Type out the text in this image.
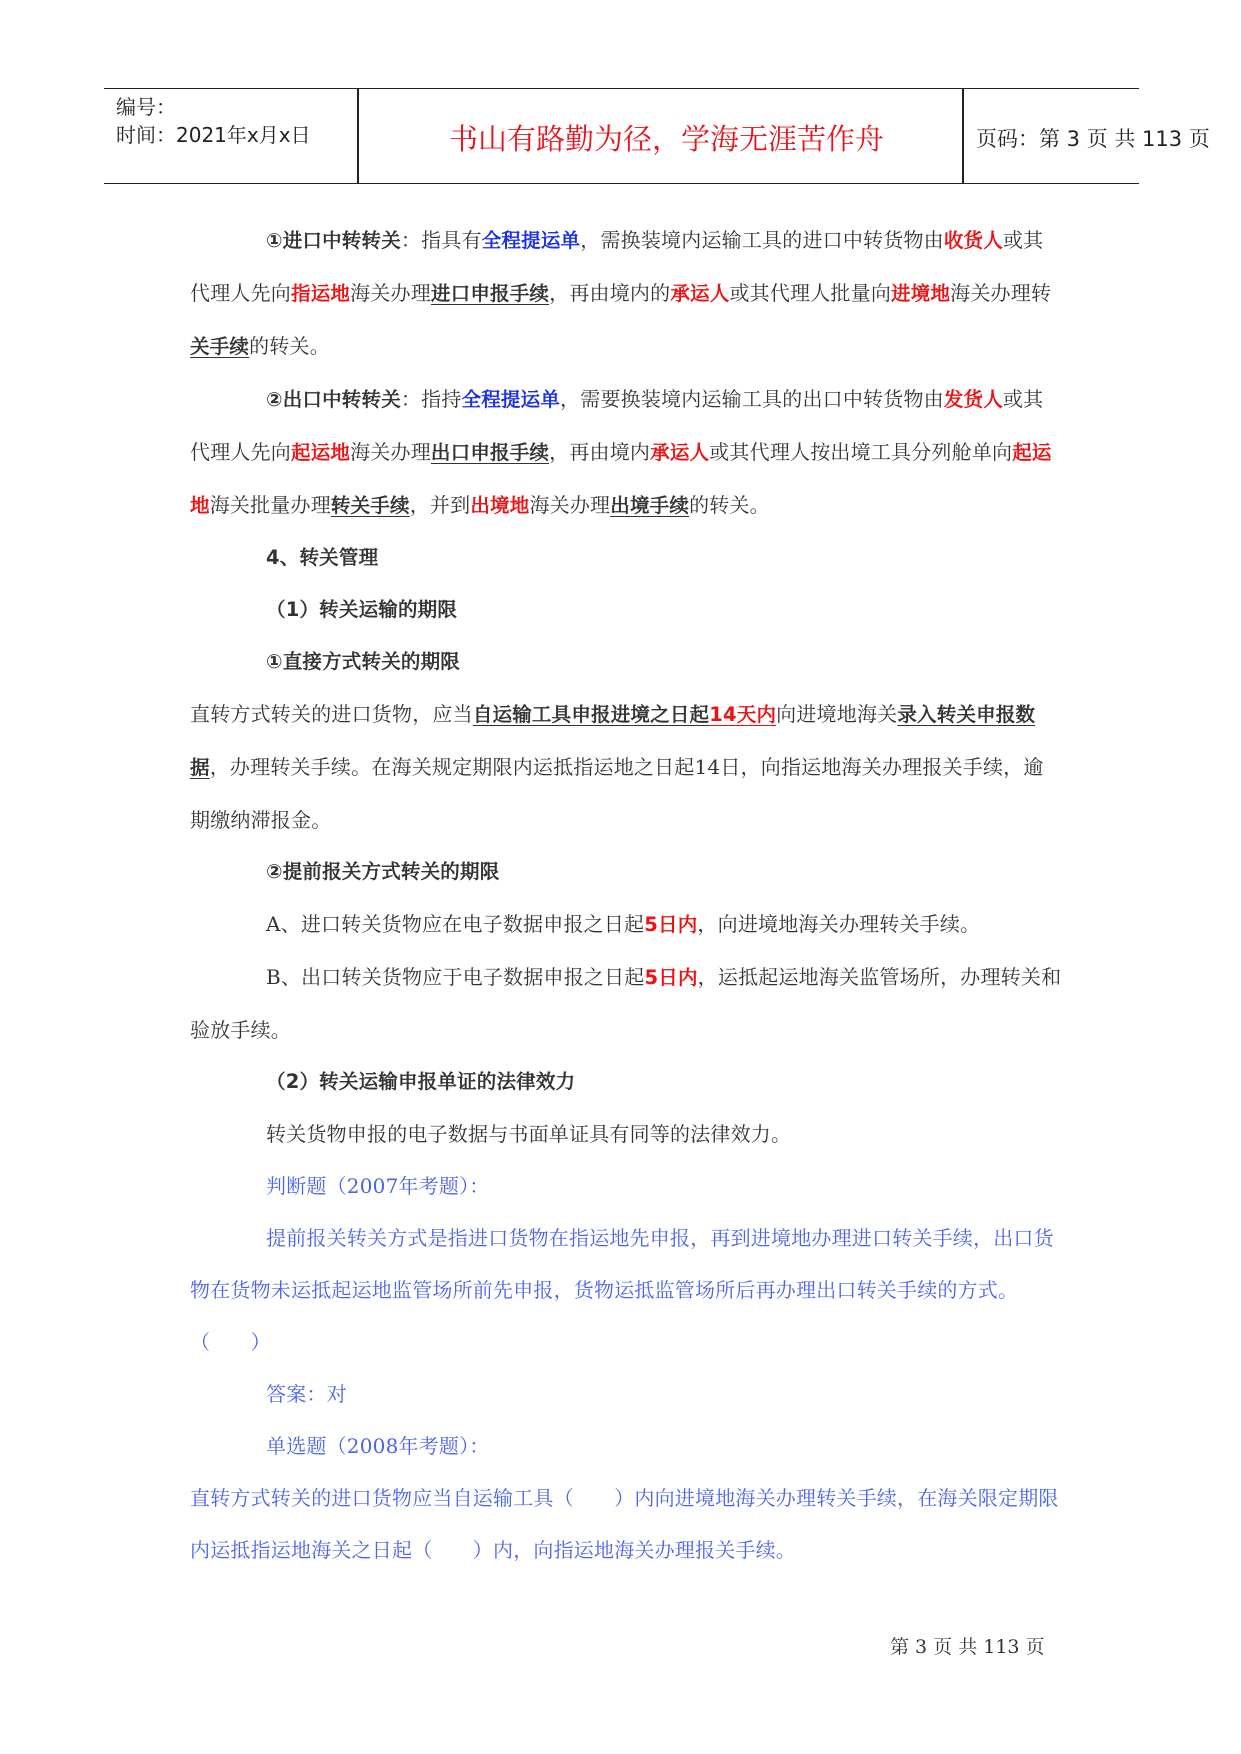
编号：
时间：2021年x月x日	书山有路勤为径，学海无涯苦作舟	页码：第 3 页 共 113 页

①进口中转转关：指具有全程提运单，需换装境内运输工具的进口中转货物由收货人或其代理人先向指运地海关办理进口申报手续，再由境内的承运人或其代理人批量向进境地海关办理转关手续的转关。

②出口中转转关：指持全程提运单，需要换装境内运输工具的出口中转货物由发货人或其代理人先向起运地海关办理出口申报手续，再由境内承运人或其代理人按出境工具分列舱单向起运地海关批量办理转关手续，并到出境地海关办理出境手续的转关。

4、转关管理

（1）转关运输的期限

①直接方式转关的期限

直转方式转关的进口货物，应当自运输工具申报进境之日起14天内向进境地海关录入转关申报数据，办理转关手续。在海关规定期限内运抵指运地之日起14日，向指运地海关办理报关手续，逾期缴纳滞报金。

②提前报关方式转关的期限

A、进口转关货物应在电子数据申报之日起5日内，向进境地海关办理转关手续。

B、出口转关货物应于电子数据申报之日起5日内，运抵起运地海关监管场所，办理转关和验放手续。

（2）转关运输申报单证的法律效力

转关货物申报的电子数据与书面单证具有同等的法律效力。

判断题（2007年考题）：

提前报关转关方式是指进口货物在指运地先申报，再到进境地办理进口转关手续，出口货物在货物未运抵起运地监管场所前先申报，货物运抵监管场所后再办理出口转关手续的方式。（　　）

答案：对

单选题（2008年考题）：

直转方式转关的进口货物应当自运输工具（　　）内向进境地海关办理转关手续，在海关限定期限内运抵指运地海关之日起（　　）内，向指运地海关办理报关手续。

第 3 页 共 113 页
